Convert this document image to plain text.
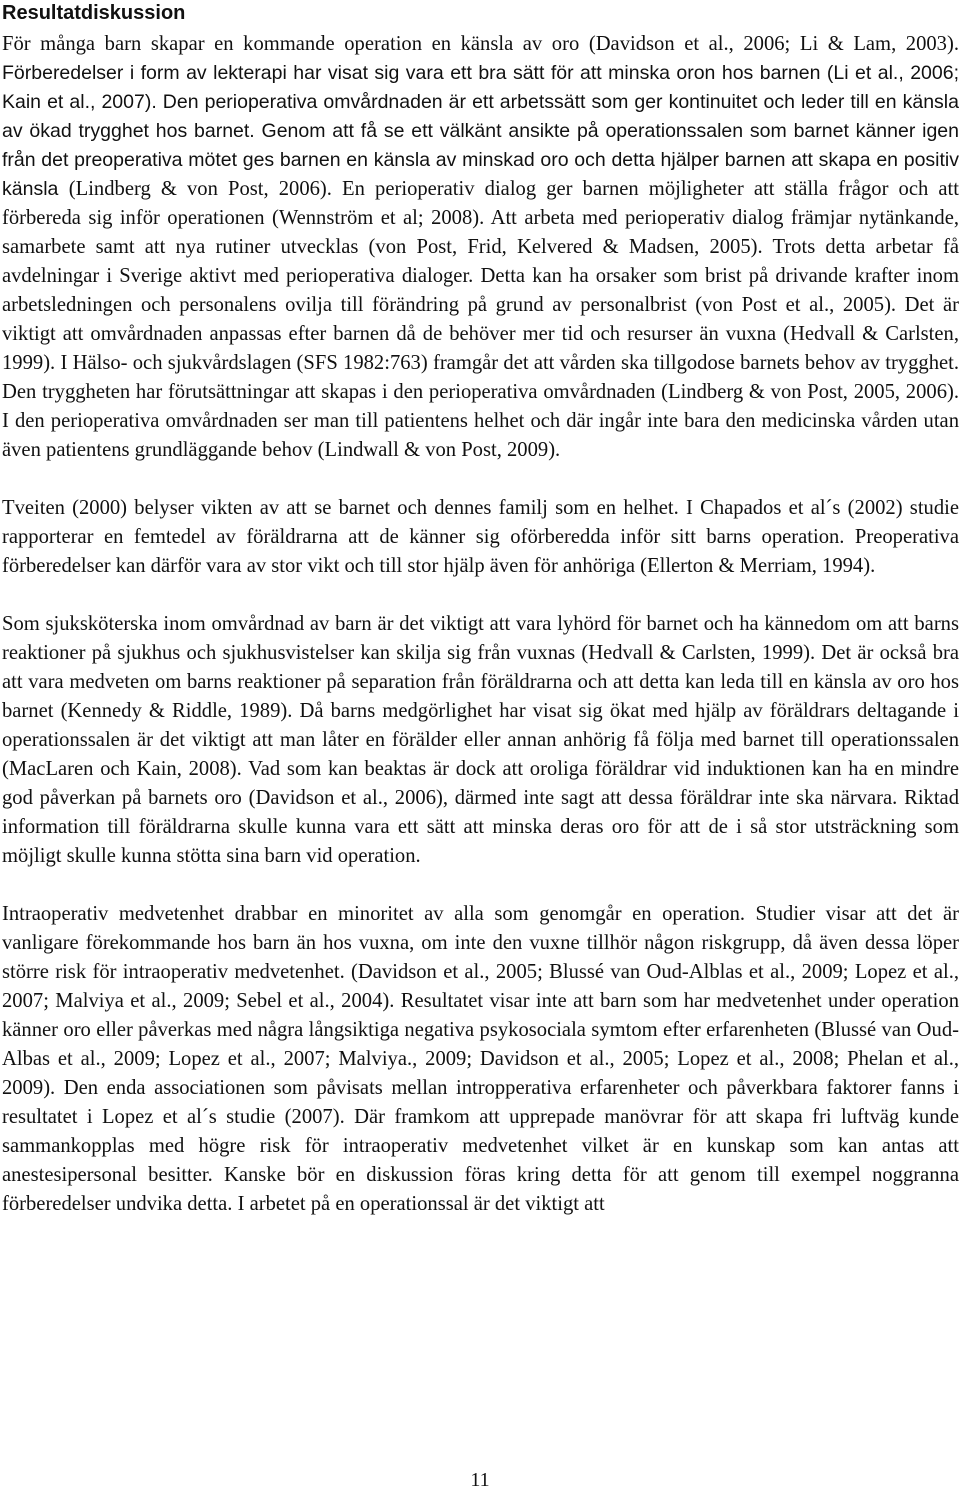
Resultatdiskussion

För många barn skapar en kommande operation en känsla av oro (Davidson et al., 2006; Li & Lam, 2003). Förberedelser i form av lekterapi har visat sig vara ett bra sätt för att minska oron hos barnen (Li et al., 2006; Kain et al., 2007). Den perioperativa omvårdnaden är ett arbetssätt som ger kontinuitet och leder till en känsla av ökad trygghet hos barnet. Genom att få se ett välkänt ansikte på operationssalen som barnet känner igen från det preoperativa mötet ges barnen en känsla av minskad oro och detta hjälper barnen att skapa en positiv känsla (Lindberg & von Post, 2006). En perioperativ dialog ger barnen möjligheter att ställa frågor och att förbereda sig inför operationen (Wennström et al; 2008). Att arbeta med perioperativ dialog främjar nytänkande, samarbete samt att nya rutiner utvecklas (von Post, Frid, Kelvered & Madsen, 2005). Trots detta arbetar få avdelningar i Sverige aktivt med perioperativa dialoger. Detta kan ha orsaker som brist på drivande krafter inom arbetsledningen och personalens ovilja till förändring på grund av personalbrist (von Post et al., 2005). Det är viktigt att omvårdnaden anpassas efter barnen då de behöver mer tid och resurser än vuxna (Hedvall & Carlsten, 1999). I Hälso- och sjukvårdslagen (SFS 1982:763) framgår det att vården ska tillgodose barnets behov av trygghet. Den tryggheten har förutsättningar att skapas i den perioperativa omvårdnaden (Lindberg & von Post, 2005, 2006). I den perioperativa omvårdnaden ser man till patientens helhet och där ingår inte bara den medicinska vården utan även patientens grundläggande behov (Lindwall & von Post, 2009).

Tveiten (2000) belyser vikten av att se barnet och dennes familj som en helhet. I Chapados et al´s (2002) studie rapporterar en femtedel av föräldrarna att de känner sig oförberedda inför sitt barns operation. Preoperativa förberedelser kan därför vara av stor vikt och till stor hjälp även för anhöriga (Ellerton & Merriam, 1994).

Som sjuksköterska inom omvårdnad av barn är det viktigt att vara lyhörd för barnet och ha kännedom om att barns reaktioner på sjukhus och sjukhusvistelser kan skilja sig från vuxnas (Hedvall & Carlsten, 1999). Det är också bra att vara medveten om barns reaktioner på separation från föräldrarna och att detta kan leda till en känsla av oro hos barnet (Kennedy & Riddle, 1989). Då barns medgörlighet har visat sig ökat med hjälp av föräldrars deltagande i operationssalen är det viktigt att man låter en förälder eller annan anhörig få följa med barnet till operationssalen (MacLaren och Kain, 2008). Vad som kan beaktas är dock att oroliga föräldrar vid induktionen kan ha en mindre god påverkan på barnets oro (Davidson et al., 2006), därmed inte sagt att dessa föräldrar inte ska närvara. Riktad information till föräldrarna skulle kunna vara ett sätt att minska deras oro för att de i så stor utsträckning som möjligt skulle kunna stötta sina barn vid operation.

Intraoperativ medvetenhet drabbar en minoritet av alla som genomgår en operation. Studier visar att det är vanligare förekommande hos barn än hos vuxna, om inte den vuxne tillhör någon riskgrupp, då även dessa löper större risk för intraoperativ medvetenhet. (Davidson et al., 2005; Blussé van Oud-Alblas et al., 2009; Lopez et al., 2007; Malviya et al., 2009; Sebel et al., 2004). Resultatet visar inte att barn som har medvetenhet under operation känner oro eller påverkas med några långsiktiga negativa psykosociala symtom efter erfarenheten (Blussé van Oud-Albas et al., 2009; Lopez et al., 2007; Malviya., 2009; Davidson et al., 2005; Lopez et al., 2008; Phelan et al., 2009). Den enda associationen som påvisats mellan intropperativa erfarenheter och påverkbara faktorer fanns i resultatet i Lopez et al´s studie (2007). Där framkom att upprepade manövrar för att skapa fri luftväg kunde sammankopplas med högre risk för intraoperativ medvetenhet vilket är en kunskap som kan antas att anestesipersonal besitter. Kanske bör en diskussion föras kring detta för att genom till exempel noggranna förberedelser undvika detta. I arbetet på en operationssal är det viktigt att

11
